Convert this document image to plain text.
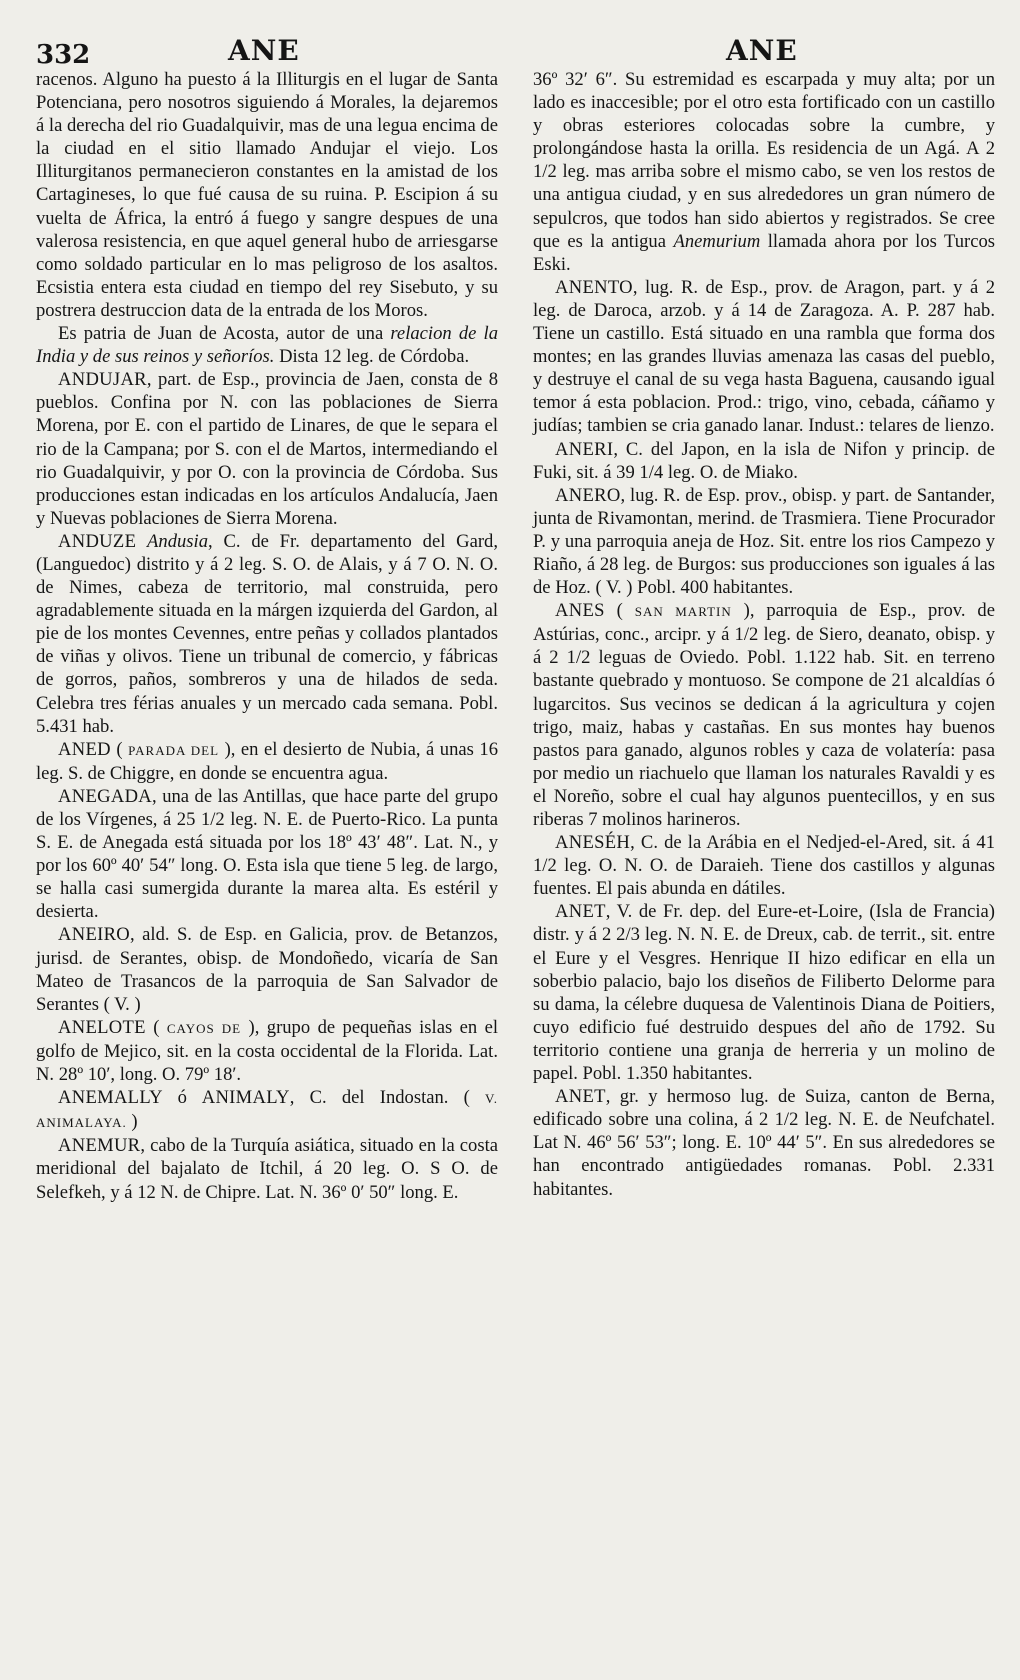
332	ANE	ANE

racenos. Alguno ha puesto á la Illiturgis en el lugar de Santa Potenciana, pero nosotros siguiendo á Morales, la dejaremos á la derecha del rio Guadalquivir, mas de una legua encima de la ciudad en el sitio llamado Andujar el viejo. Los Illiturgitanos permanecieron constantes en la amistad de los Cartagineses, lo que fué causa de su ruina. P. Escipion á su vuelta de África, la entró á fuego y sangre despues de una valerosa resistencia, en que aquel general hubo de arriesgarse como soldado particular en lo mas peligroso de los asaltos. Ecsistia entera esta ciudad en tiempo del rey Sisebuto, y su postrera destruccion data de la entrada de los Moros.

Es patria de Juan de Acosta, autor de una relacion de la India y de sus reinos y señoríos. Dista 12 leg. de Córdoba.

ANDUJAR, part. de Esp., provincia de Jaen, consta de 8 pueblos. Confina por N. con las poblaciones de Sierra Morena, por E. con el partido de Linares, de que le separa el rio de la Campana; por S. con el de Martos, intermediando el rio Guadalquivir, y por O. con la provincia de Córdoba. Sus producciones estan indicadas en los artículos Andalucía, Jaen y Nuevas poblaciones de Sierra Morena.

ANDUZE Andusia, C. de Fr. departamento del Gard, (Languedoc) distrito y á 2 leg. S. O. de Alais, y á 7 O. N. O. de Nimes, cabeza de territorio, mal construida, pero agradablemente situada en la márgen izquierda del Gardon, al pie de los montes Cevennes, entre peñas y collados plantados de viñas y olivos. Tiene un tribunal de comercio, y fábricas de gorros, paños, sombreros y una de hilados de seda. Celebra tres férias anuales y un mercado cada semana. Pobl. 5.431 hab.

ANED ( PARADA DEL ), en el desierto de Nubia, á unas 16 leg. S. de Chiggre, en donde se encuentra agua.

ANEGADA, una de las Antillas, que hace parte del grupo de los Vírgenes, á 25 1/2 leg. N. E. de Puerto-Rico. La punta S. E. de Anegada está situada por los 18º 43′ 48″. Lat. N., y por los 60º 40′ 54″ long. O. Esta isla que tiene 5 leg. de largo, se halla casi sumergida durante la marea alta. Es estéril y desierta.

ANEIRO, ald. S. de Esp. en Galicia, prov. de Betanzos, jurisd. de Serantes, obisp. de Mondoñedo, vicaría de San Mateo de Trasancos de la parroquia de San Salvador de Serantes ( V. )

ANELOTE ( CAYOS DE ), grupo de pequeñas islas en el golfo de Mejico, sit. en la costa occidental de la Florida. Lat. N. 28º 10′, long. O. 79º 18′.

ANEMALLY ó ANIMALY, C. del Indostan. ( V. ANIMALAYA. )

ANEMUR, cabo de la Turquía asiática, situado en la costa meridional del bajalato de Itchil, á 20 leg. O. S O. de Selefkeh, y á 12 N. de Chipre. Lat. N. 36º 0′ 50″ long. E.

36º 32′ 6″. Su estremidad es escarpada y muy alta; por un lado es inaccesible; por el otro esta fortificado con un castillo y obras esteriores colocadas sobre la cumbre, y prolongándose hasta la orilla. Es residencia de un Agá. A 2 1/2 leg. mas arriba sobre el mismo cabo, se ven los restos de una antigua ciudad, y en sus alrededores un gran número de sepulcros, que todos han sido abiertos y registrados. Se cree que es la antigua Anemurium llamada ahora por los Turcos Eski.

ANENTO, lug. R. de Esp., prov. de Aragon, part. y á 2 leg. de Daroca, arzob. y á 14 de Zaragoza. A. P. 287 hab. Tiene un castillo. Está situado en una rambla que forma dos montes; en las grandes lluvias amenaza las casas del pueblo, y destruye el canal de su vega hasta Baguena, causando igual temor á esta poblacion. Prod.: trigo, vino, cebada, cáñamo y judías; tambien se cria ganado lanar. Indust.: telares de lienzo.

ANERI, C. del Japon, en la isla de Nifon y princip. de Fuki, sit. á 39 1/4 leg. O. de Miako.

ANERO, lug. R. de Esp. prov., obisp. y part. de Santander, junta de Rivamontan, merind. de Trasmiera. Tiene Procurador P. y una parroquia aneja de Hoz. Sit. entre los rios Campezo y Riaño, á 28 leg. de Burgos: sus producciones son iguales á las de Hoz. ( V. ) Pobl. 400 habitantes.

ANES ( SAN MARTIN ), parroquia de Esp., prov. de Astúrias, conc., arcipr. y á 1/2 leg. de Siero, deanato, obisp. y á 2 1/2 leguas de Oviedo. Pobl. 1.122 hab. Sit. en terreno bastante quebrado y montuoso. Se compone de 21 alcaldías ó lugarcitos. Sus vecinos se dedican á la agricultura y cojen trigo, maiz, habas y castañas. En sus montes hay buenos pastos para ganado, algunos robles y caza de volatería: pasa por medio un riachuelo que llaman los naturales Ravaldi y es el Noreño, sobre el cual hay algunos puentecillos, y en sus riberas 7 molinos harineros.

ANESÉH, C. de la Arábia en el Nedjed-el-Ared, sit. á 41 1/2 leg. O. N. O. de Daraieh. Tiene dos castillos y algunas fuentes. El pais abunda en dátiles.

ANET, V. de Fr. dep. del Eure-et-Loire, (Isla de Francia) distr. y á 2 2/3 leg. N. N. E. de Dreux, cab. de territ., sit. entre el Eure y el Vesgres. Henrique II hizo edificar en ella un soberbio palacio, bajo los diseños de Filiberto Delorme para su dama, la célebre duquesa de Valentinois Diana de Poitiers, cuyo edificio fué destruido despues del año de 1792. Su territorio contiene una granja de herreria y un molino de papel. Pobl. 1.350 habitantes.

ANET, gr. y hermoso lug. de Suiza, canton de Berna, edificado sobre una colina, á 2 1/2 leg. N. E. de Neufchatel. Lat N. 46º 56′ 53″; long. E. 10º 44′ 5″. En sus alrededores se han encontrado antigüedades romanas. Pobl. 2.331 habitantes.
